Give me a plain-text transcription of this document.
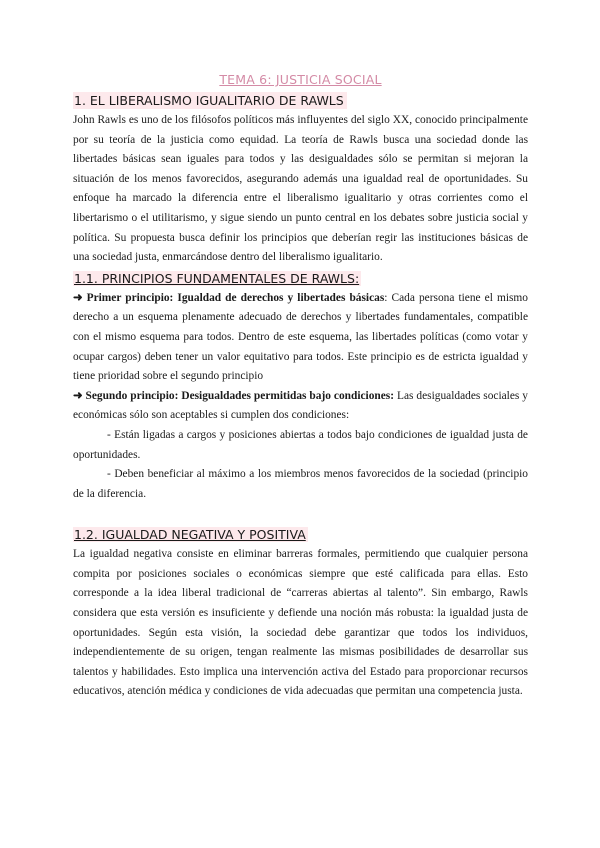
TEMA 6: JUSTICIA SOCIAL
1. EL LIBERALISMO IGUALITARIO DE RAWLS

John Rawls es uno de los filósofos políticos más influyentes del siglo XX, conocido principalmente por su teoría de la justicia como equidad. La teoría de Rawls busca una sociedad donde las libertades básicas sean iguales para todos y las desigualdades sólo se permitan si mejoran la situación de los menos favorecidos, asegurando además una igualdad real de oportunidades. Su enfoque ha marcado la diferencia entre el liberalismo igualitario y otras corrientes como el libertarismo o el utilitarismo, y sigue siendo un punto central en los debates sobre justicia social y política. Su propuesta busca definir los principios que deberían regir las instituciones básicas de una sociedad justa, enmarcándose dentro del liberalismo igualitario.

1.1. PRINCIPIOS FUNDAMENTALES DE RAWLS:

➜ Primer principio: Igualdad de derechos y libertades básicas: Cada persona tiene el mismo derecho a un esquema plenamente adecuado de derechos y libertades fundamentales, compatible con el mismo esquema para todos. Dentro de este esquema, las libertades políticas (como votar y ocupar cargos) deben tener un valor equitativo para todos. Este principio es de estricta igualdad y tiene prioridad sobre el segundo principio

➜ Segundo principio: Desigualdades permitidas bajo condiciones: Las desigualdades sociales y económicas sólo son aceptables si cumplen dos condiciones:

- Están ligadas a cargos y posiciones abiertas a todos bajo condiciones de igualdad justa de oportunidades.

- Deben beneficiar al máximo a los miembros menos favorecidos de la sociedad (principio de la diferencia.

1.2. IGUALDAD NEGATIVA Y POSITIVA

La igualdad negativa consiste en eliminar barreras formales, permitiendo que cualquier persona compita por posiciones sociales o económicas siempre que esté calificada para ellas. Esto corresponde a la idea liberal tradicional de “carreras abiertas al talento”. Sin embargo, Rawls considera que esta versión es insuficiente y defiende una noción más robusta: la igualdad justa de oportunidades. Según esta visión, la sociedad debe garantizar que todos los individuos, independientemente de su origen, tengan realmente las mismas posibilidades de desarrollar sus talentos y habilidades. Esto implica una intervención activa del Estado para proporcionar recursos educativos, atención médica y condiciones de vida adecuadas que permitan una competencia justa.
